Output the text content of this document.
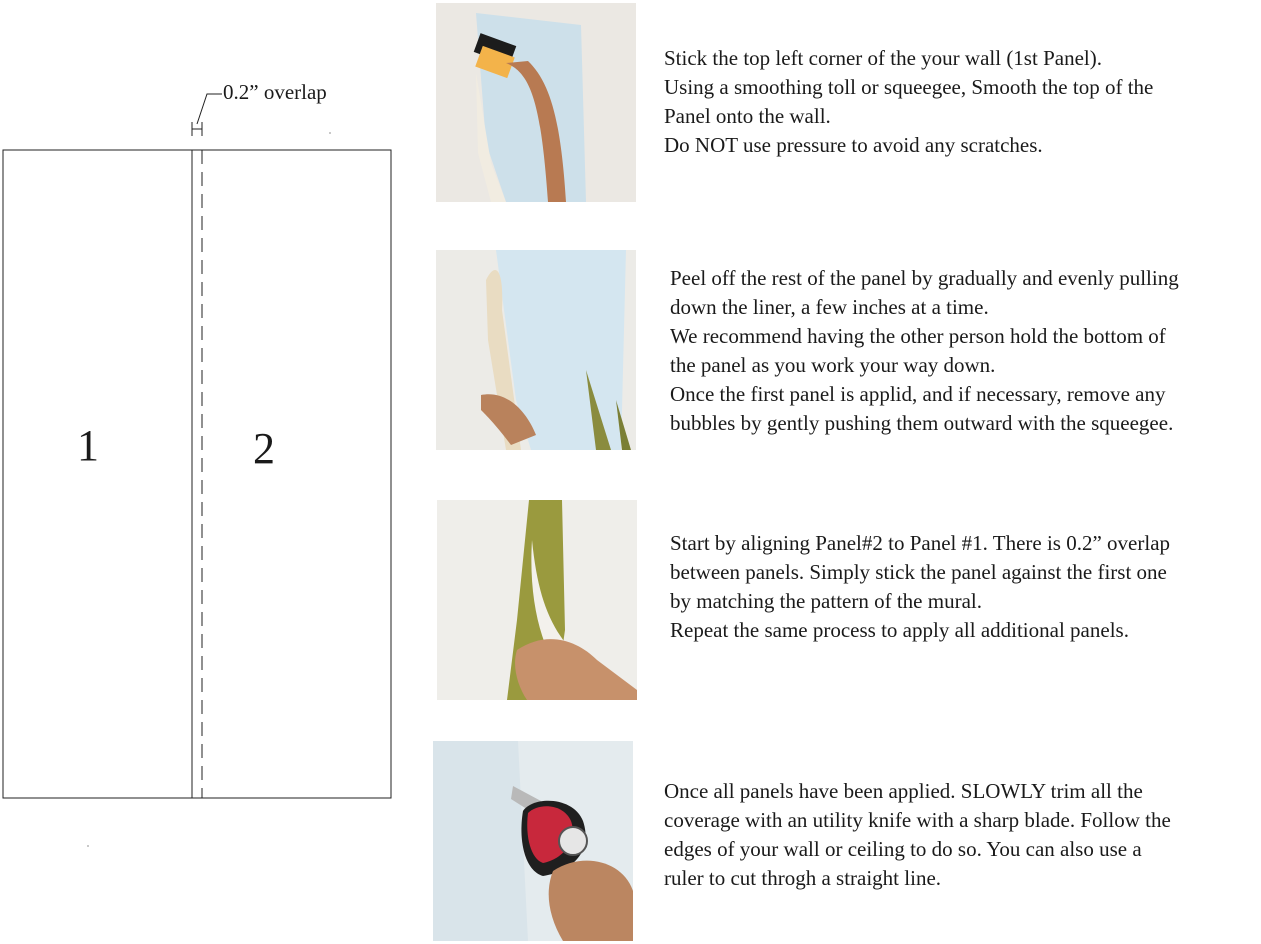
0.2” overlap
1	2
Stick the top left corner of the your wall (1st Panel).
Using a smoothing toll or squeegee, Smooth the top of the
Panel onto the wall.
Do NOT use pressure to avoid any scratches.
Peel off the rest of the panel by gradually and evenly pulling
down the liner, a few inches at a time.
We recommend having the other person hold the bottom of
the panel as you work your way down.
Once the first panel is applid, and if necessary, remove any
bubbles by gently pushing them outward with the squeegee.
Start by aligning Panel#2 to Panel #1. There is 0.2” overlap
between panels. Simply stick the panel against the first one
by matching the pattern of the mural.
Repeat the same process to apply all additional panels.
Once all panels have been applied. SLOWLY trim all the
coverage with an utility knife with a sharp blade. Follow the
edges of your wall or ceiling to do so. You can also use a
ruler to cut throgh a straight line.
